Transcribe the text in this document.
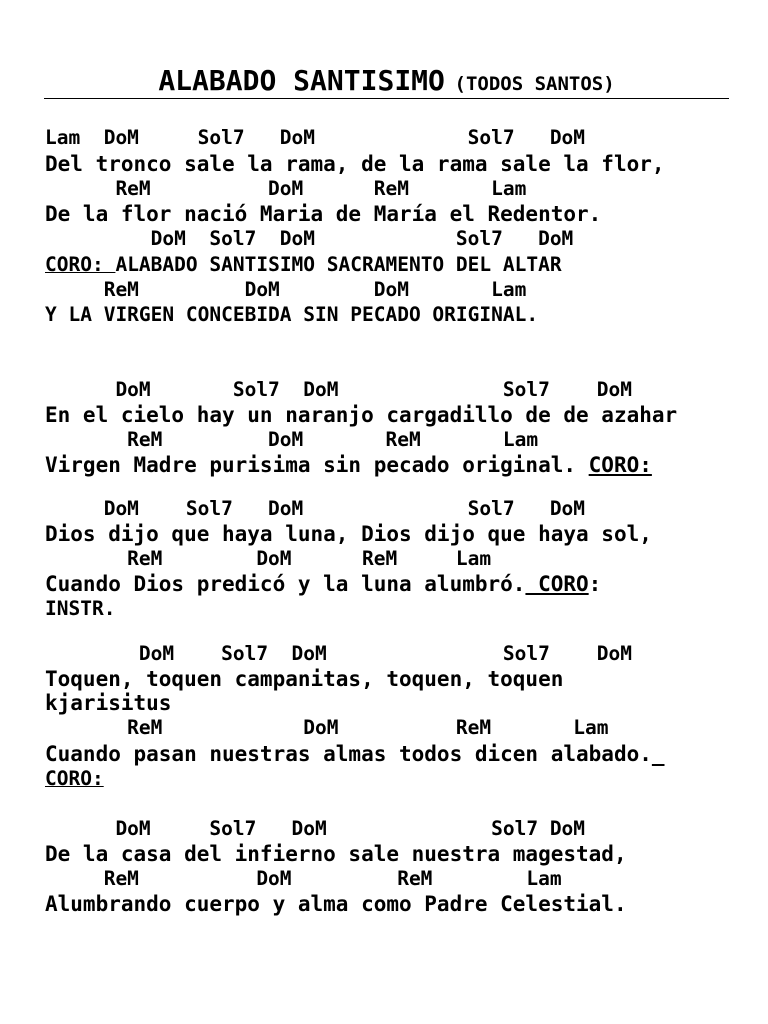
ALABADO SANTISIMO (TODOS SANTOS)
Lam  DoM     Sol7   DoM             Sol7   DoM
Del tronco sale la rama, de la rama sale la flor,
ReM          DoM      ReM       Lam
De la flor nació Maria de María el Redentor.
DoM  Sol7  DoM            Sol7   DoM
CORO: ALABADO SANTISIMO SACRAMENTO DEL ALTAR
ReM         DoM        DoM       Lam
Y LA VIRGEN CONCEBIDA SIN PECADO ORIGINAL.
DoM       Sol7  DoM              Sol7    DoM
En el cielo hay un naranjo cargadillo de de azahar
ReM         DoM       ReM       Lam
Virgen Madre purisima sin pecado original. CORO:
DoM    Sol7   DoM              Sol7   DoM
Dios dijo que haya luna, Dios dijo que haya sol,
ReM        DoM      ReM     Lam
Cuando Dios predicó y la luna alumbró. CORO:
INSTR.
DoM    Sol7  DoM               Sol7    DoM
Toquen, toquen campanitas, toquen, toquen
kjarisitus
ReM            DoM          ReM       Lam
Cuando pasan nuestras almas todos dicen alabado._
CORO:
DoM     Sol7   DoM              Sol7 DoM
De la casa del infierno sale nuestra magestad,
ReM          DoM         ReM        Lam
Alumbrando cuerpo y alma como Padre Celestial.
